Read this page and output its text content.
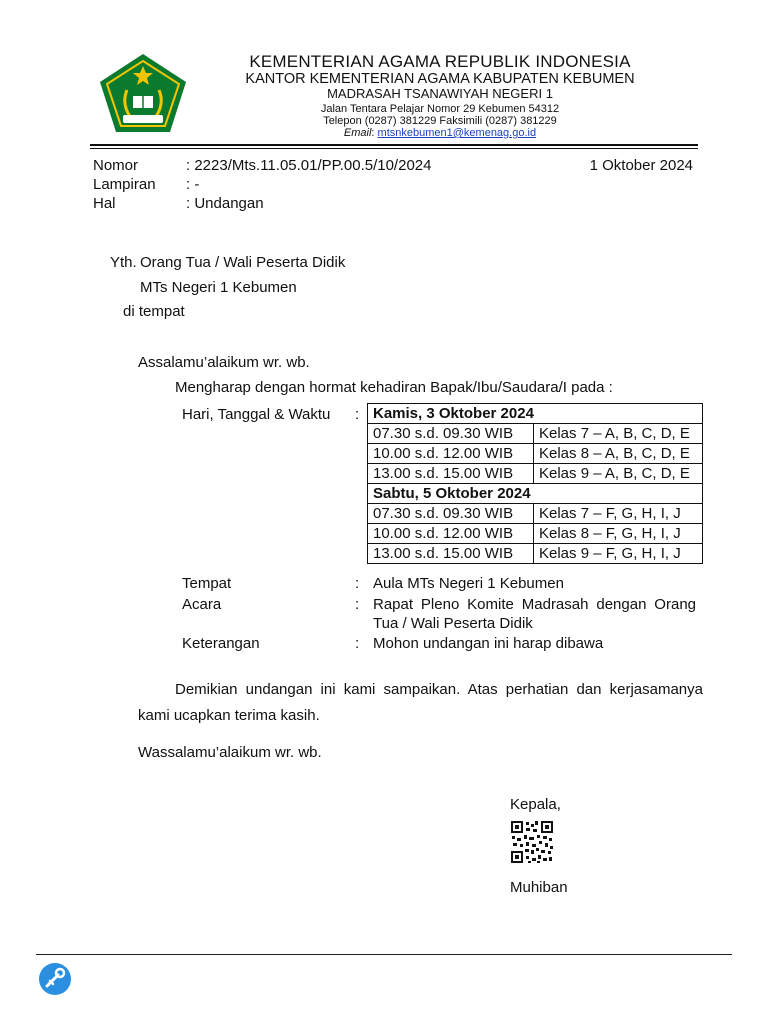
KEMENTERIAN AGAMA REPUBLIK INDONESIA
KANTOR KEMENTERIAN AGAMA KABUPATEN KEBUMEN
MADRASAH TSANAWIYAH NEGERI 1
Jalan Tentara Pelajar Nomor 29 Kebumen 54312
Telepon (0287) 381229 Faksimili (0287) 381229
Email: mtsnkebumen1@kemenag.go.id
Nomor	: 2223/Mts.11.05.01/PP.00.5/10/2024	1 Oktober 2024
Lampiran : -
Hal	: Undangan
Yth. Orang Tua / Wali Peserta Didik
MTs Negeri 1 Kebumen
di tempat
Assalamu’alaikum wr. wb.
Mengharap dengan hormat kehadiran Bapak/Ibu/Saudara/I pada :
Hari, Tanggal & Waktu : Kamis, 3 Oktober 2024	
07.30 s.d. 09.30 WIB	Kelas 7 – A, B, C, D, E
10.00 s.d. 12.00 WIB	Kelas 8 – A, B, C, D, E
13.00 s.d. 15.00 WIB	Kelas 9 – A, B, C, D, E
Sabtu, 5 Oktober 2024	
07.30 s.d. 09.30 WIB	Kelas 7 – F, G, H, I, J
10.00 s.d. 12.00 WIB	Kelas 8 – F, G, H, I, J
13.00 s.d. 15.00 WIB	Kelas 9 – F, G, H, I, J
Tempat	: Aula MTs Negeri 1 Kebumen
Acara	: Rapat Pleno Komite Madrasah dengan Orang
Tua / Wali Peserta Didik
Keterangan	: Mohon undangan ini harap dibawa
Demikian undangan ini kami sampaikan. Atas perhatian dan kerjasamanya
kami ucapkan terima kasih.
Wassalamu’alaikum wr. wb.
Kepala,
Muhiban
